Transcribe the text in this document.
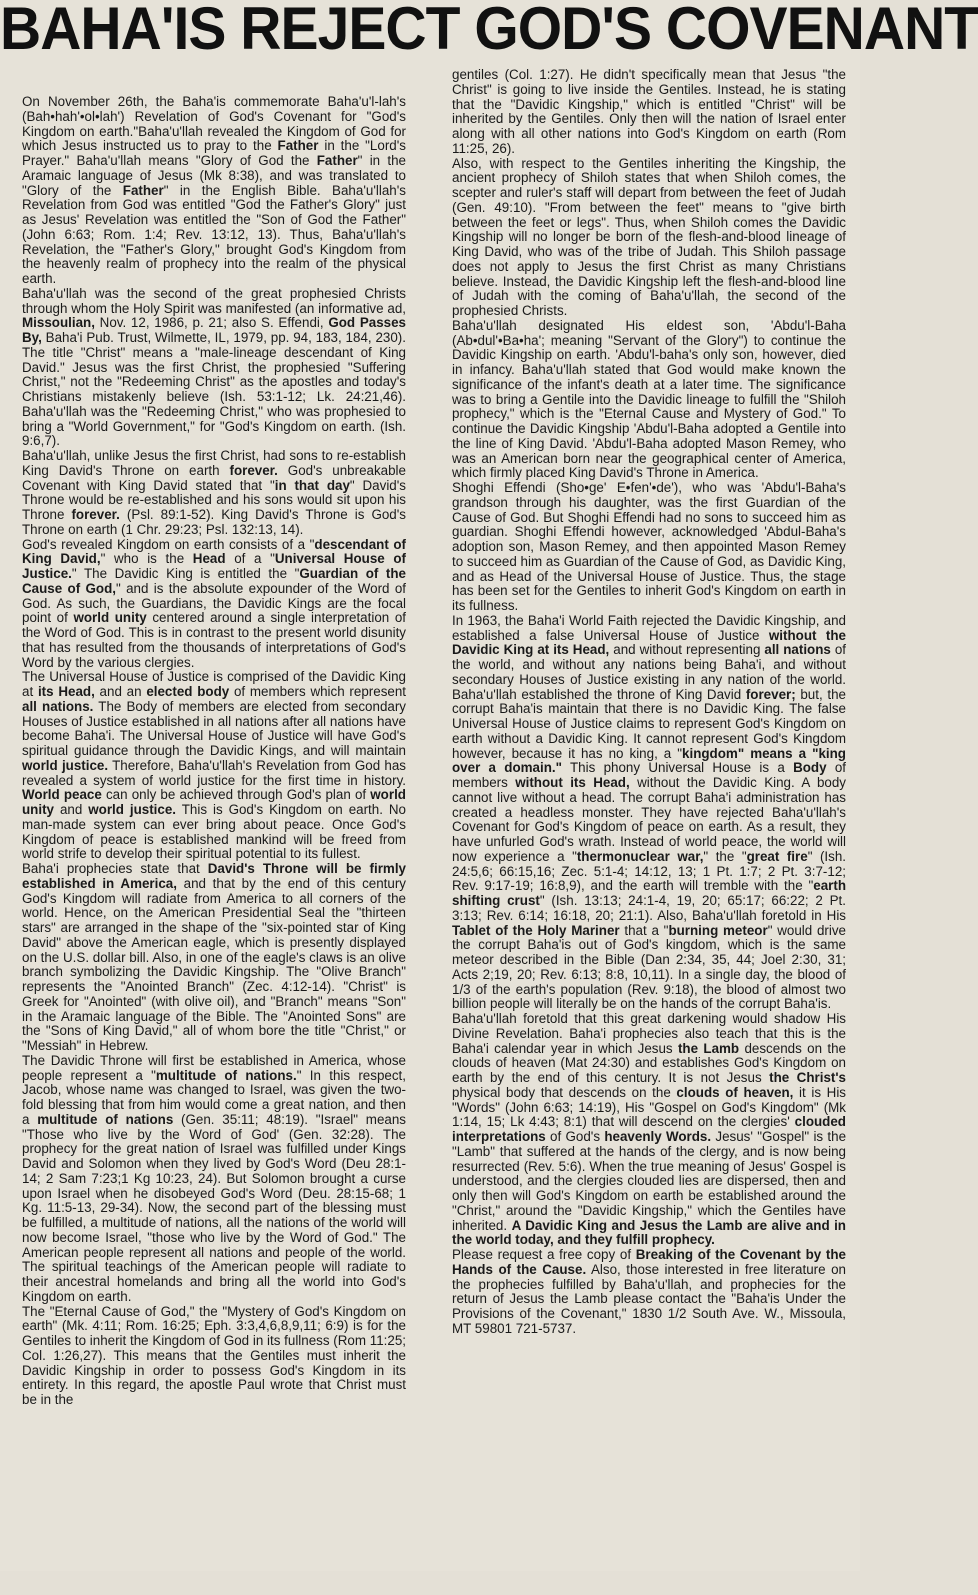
BAHA'IS REJECT GOD'S COVENANT

On November 26th, the Baha'is commemorate Baha'u'l-lah's (Bah•hah'•ol•lah') Revelation of God's Covenant for "God's Kingdom on earth."Baha'u'llah revealed the Kingdom of God for which Jesus instructed us to pray to the Father in the "Lord's Prayer." Baha'u'llah means "Glory of God the Father" in the Aramaic language of Jesus (Mk 8:38), and was translated to "Glory of the Father" in the English Bible. Baha'u'llah's Revelation from God was entitled "God the Father's Glory" just as Jesus' Revelation was entitled the "Son of God the Father" (John 6:63; Rom. 1:4; Rev. 13:12, 13). Thus, Baha'u'llah's Revelation, the "Father's Glory," brought God's Kingdom from the heavenly realm of prophecy into the realm of the physical earth.

Baha'u'llah was the second of the great prophesied Christs through whom the Holy Spirit was manifested (an informative ad, Missoulian, Nov. 12, 1986, p. 21; also S. Effendi, God Passes By, Baha'i Pub. Trust, Wilmette, IL, 1979, pp. 94, 183, 184, 230). The title "Christ" means a "male-lineage descendant of King David." Jesus was the first Christ, the prophesied "Suffering Christ," not the "Redeeming Christ" as the apostles and today's Christians mistakenly believe (Ish. 53:1-12; Lk. 24:21,46). Baha'u'llah was the "Redeeming Christ," who was prophesied to bring a "World Government," for "God's Kingdom on earth. (Ish. 9:6,7).

Baha'u'llah, unlike Jesus the first Christ, had sons to re-establish King David's Throne on earth forever. God's unbreakable Covenant with King David stated that "in that day" David's Throne would be re-established and his sons would sit upon his Throne forever. (Psl. 89:1-52). King David's Throne is God's Throne on earth (1 Chr. 29:23; Psl. 132:13, 14).

God's revealed Kingdom on earth consists of a "descendant of King David," who is the Head of a "Universal House of Justice." The Davidic King is entitled the "Guardian of the Cause of God," and is the absolute expounder of the Word of God. As such, the Guardians, the Davidic Kings are the focal point of world unity centered around a single interpretation of the Word of God. This is in contrast to the present world disunity that has resulted from the thousands of interpretations of God's Word by the various clergies.

The Universal House of Justice is comprised of the Davidic King at its Head, and an elected body of members which represent all nations. The Body of members are elected from secondary Houses of Justice established in all nations after all nations have become Baha'i. The Universal House of Justice will have God's spiritual guidance through the Davidic Kings, and will maintain world justice. Therefore, Baha'u'llah's Revelation from God has revealed a system of world justice for the first time in history. World peace can only be achieved through God's plan of world unity and world justice. This is God's Kingdom on earth. No man-made system can ever bring about peace. Once God's Kingdom of peace is established mankind will be freed from world strife to develop their spiritual potential to its fullest.

Baha'i prophecies state that David's Throne will be firmly established in America, and that by the end of this century God's Kingdom will radiate from America to all corners of the world. Hence, on the American Presidential Seal the "thirteen stars" are arranged in the shape of the "six-pointed star of King David" above the American eagle, which is presently displayed on the U.S. dollar bill. Also, in one of the eagle's claws is an olive branch symbolizing the Davidic Kingship. The "Olive Branch" represents the "Anointed Branch" (Zec. 4:12-14). "Christ" is Greek for "Anointed" (with olive oil), and "Branch" means "Son" in the Aramaic language of the Bible. The "Anointed Sons" are the "Sons of King David," all of whom bore the title "Christ," or "Messiah" in Hebrew.

The Davidic Throne will first be established in America, whose people represent a "multitude of nations." In this respect, Jacob, whose name was changed to Israel, was given the two-fold blessing that from him would come a great nation, and then a multitude of nations (Gen. 35:11; 48:19). "Israel" means "Those who live by the Word of God' (Gen. 32:28). The prophecy for the great nation of Israel was fulfilled under Kings David and Solomon when they lived by God's Word (Deu 28:1-14; 2 Sam 7:23;1 Kg 10:23, 24). But Solomon brought a curse upon Israel when he disobeyed God's Word (Deu. 28:15-68; 1 Kg. 11:5-13, 29-34). Now, the second part of the blessing must be fulfilled, a multitude of nations, all the nations of the world will now become Israel, "those who live by the Word of God." The American people represent all nations and people of the world. The spiritual teachings of the American people will radiate to their ancestral homelands and bring all the world into God's Kingdom on earth.

The "Eternal Cause of God," the "Mystery of God's Kingdom on earth" (Mk. 4:11; Rom. 16:25; Eph. 3:3,4,6,8,9,11; 6:9) is for the Gentiles to inherit the Kingdom of God in its fullness (Rom 11:25; Col. 1:26,27). This means that the Gentiles must inherit the Davidic Kingship in order to possess God's Kingdom in its entirety. In this regard, the apostle Paul wrote that Christ must be in the

gentiles (Col. 1:27). He didn't specifically mean that Jesus "the Christ" is going to live inside the Gentiles. Instead, he is stating that the "Davidic Kingship," which is entitled "Christ" will be inherited by the Gentiles. Only then will the nation of Israel enter along with all other nations into God's Kingdom on earth (Rom 11:25, 26).

Also, with respect to the Gentiles inheriting the Kingship, the ancient prophecy of Shiloh states that when Shiloh comes, the scepter and ruler's staff will depart from between the feet of Judah (Gen. 49:10). "From between the feet" means to "give birth between the feet or legs". Thus, when Shiloh comes the Davidic Kingship will no longer be born of the flesh-and-blood lineage of King David, who was of the tribe of Judah. This Shiloh passage does not apply to Jesus the first Christ as many Christians believe. Instead, the Davidic Kingship left the flesh-and-blood line of Judah with the coming of Baha'u'llah, the second of the prophesied Christs.

Baha'u'llah designated His eldest son, 'Abdu'l-Baha (Ab•dul'•Ba•ha'; meaning "Servant of the Glory") to continue the Davidic Kingship on earth. 'Abdu'l-baha's only son, however, died in infancy. Baha'u'llah stated that God would make known the significance of the infant's death at a later time. The significance was to bring a Gentile into the Davidic lineage to fulfill the "Shiloh prophecy," which is the "Eternal Cause and Mystery of God." To continue the Davidic Kingship 'Abdu'l-Baha adopted a Gentile into the line of King David. 'Abdu'l-Baha adopted Mason Remey, who was an American born near the geographical center of America, which firmly placed King David's Throne in America.

Shoghi Effendi (Sho•ge' E•fen'•de'), who was 'Abdu'l-Baha's grandson through his daughter, was the first Guardian of the Cause of God. But Shoghi Effendi had no sons to succeed him as guardian. Shoghi Effendi however, acknowledged 'Abdul-Baha's adoption son, Mason Remey, and then appointed Mason Remey to succeed him as Guardian of the Cause of God, as Davidic King, and as Head of the Universal House of Justice. Thus, the stage has been set for the Gentiles to inherit God's Kingdom on earth in its fullness.

In 1963, the Baha'i World Faith rejected the Davidic Kingship, and established a false Universal House of Justice without the Davidic King at its Head, and without representing all nations of the world, and without any nations being Baha'i, and without secondary Houses of Justice existing in any nation of the world. Baha'u'llah established the throne of King David forever; but, the corrupt Baha'is maintain that there is no Davidic King. The false Universal House of Justice claims to represent God's Kingdom on earth without a Davidic King. It cannot represent God's Kingdom however, because it has no king, a "kingdom" means a "king over a domain." This phony Universal House is a Body of members without its Head, without the Davidic King. A body cannot live without a head. The corrupt Baha'i administration has created a headless monster. They have rejected Baha'u'llah's Covenant for God's Kingdom of peace on earth. As a result, they have unfurled God's wrath. Instead of world peace, the world will now experience a "thermonuclear war," the "great fire" (Ish. 24:5,6; 66:15,16; Zec. 5:1-4; 14:12, 13; 1 Pt. 1:7; 2 Pt. 3:7-12; Rev. 9:17-19; 16:8,9), and the earth will tremble with the "earth shifting crust" (Ish. 13:13; 24:1-4, 19, 20; 65:17; 66:22; 2 Pt. 3:13; Rev. 6:14; 16:18, 20; 21:1). Also, Baha'u'llah foretold in His Tablet of the Holy Mariner that a "burning meteor" would drive the corrupt Baha'is out of God's kingdom, which is the same meteor described in the Bible (Dan 2:34, 35, 44; Joel 2:30, 31; Acts 2;19, 20; Rev. 6:13; 8:8, 10,11). In a single day, the blood of 1/3 of the earth's population (Rev. 9:18), the blood of almost two billion people will literally be on the hands of the corrupt Baha'is.

Baha'u'llah foretold that this great darkening would shadow His Divine Revelation. Baha'i prophecies also teach that this is the Baha'i calendar year in which Jesus the Lamb descends on the clouds of heaven (Mat 24:30) and establishes God's Kingdom on earth by the end of this century. It is not Jesus the Christ's physical body that descends on the clouds of heaven, it is His "Words" (John 6:63; 14:19), His "Gospel on God's Kingdom" (Mk 1:14, 15; Lk 4:43; 8:1) that will descend on the clergies' clouded interpretations of God's heavenly Words. Jesus' "Gospel" is the "Lamb" that suffered at the hands of the clergy, and is now being resurrected (Rev. 5:6). When the true meaning of Jesus' Gospel is understood, and the clergies clouded lies are dispersed, then and only then will God's Kingdom on earth be established around the "Christ," around the "Davidic Kingship," which the Gentiles have inherited. A Davidic King and Jesus the Lamb are alive and in the world today, and they fulfill prophecy.

Please request a free copy of Breaking of the Covenant by the Hands of the Cause. Also, those interested in free literature on the prophecies fulfilled by Baha'u'llah, and prophecies for the return of Jesus the Lamb please contact the "Baha'is Under the Provisions of the Covenant," 1830 1/2 South Ave. W., Missoula, MT 59801 721-5737.
